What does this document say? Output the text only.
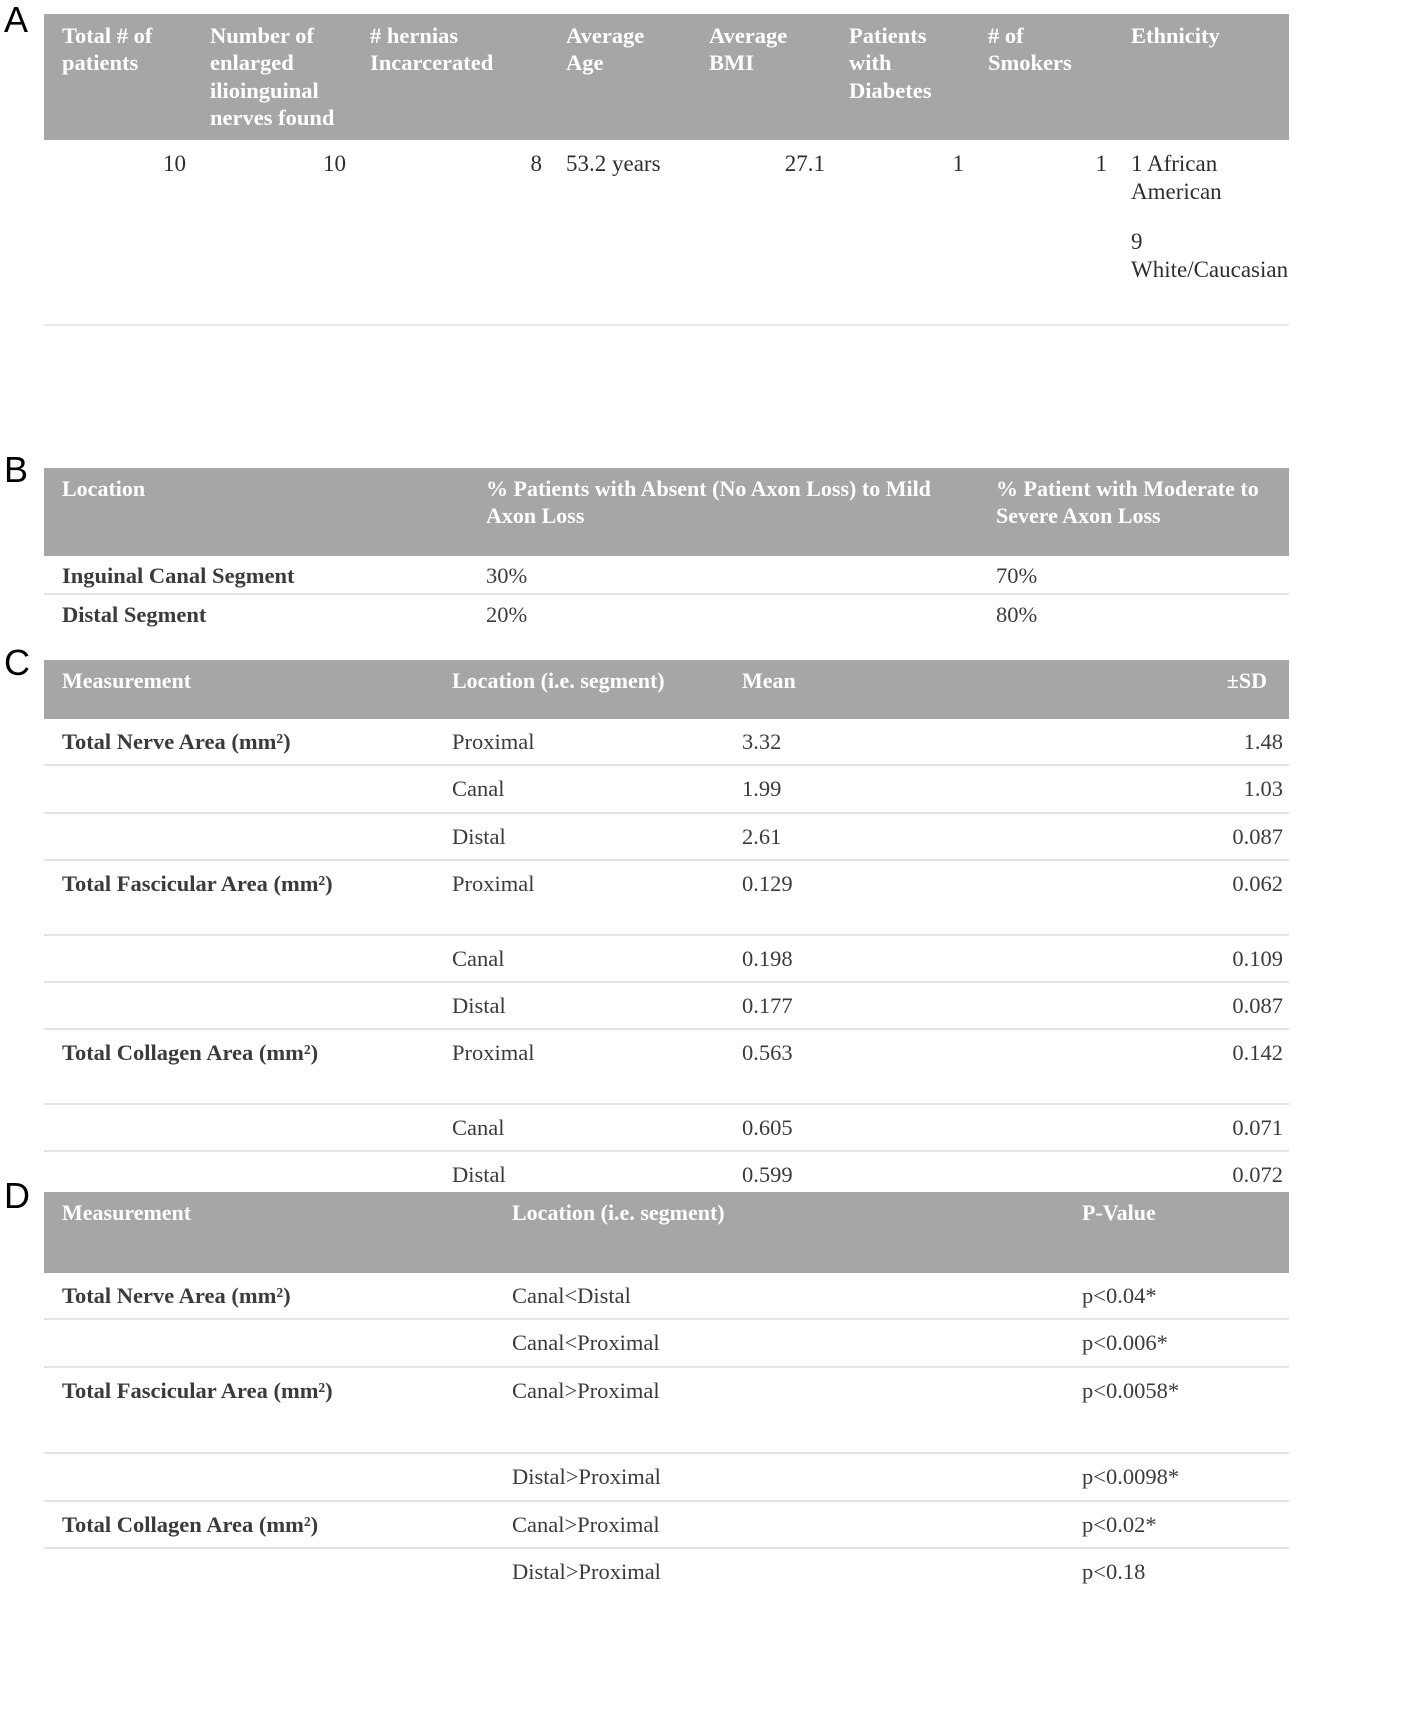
A Total # of patients	Number of enlarged ilioinguinal nerves found	# hernias Incarcerated	Average Age	Average BMI	Patients with Diabetes	# of Smokers	Ethnicity
10	10	8	53.2 years	27.1	1	1	1 African American
9 White/Caucasian
B Location	% Patients with Absent (No Axon Loss) to Mild Axon Loss	% Patient with Moderate to Severe Axon Loss
Inguinal Canal Segment	30%	70%
Distal Segment	20%	80%
C Measurement	Location (i.e. segment)	Mean	±SD
Total Nerve Area (mm²)	Proximal	3.32	1.48
	Canal	1.99	1.03
	Distal	2.61	0.087
Total Fascicular Area (mm²)	Proximal	0.129	0.062
	Canal	0.198	0.109
	Distal	0.177	0.087
Total Collagen Area (mm²)	Proximal	0.563	0.142
	Canal	0.605	0.071
	Distal	0.599	0.072
D Measurement	Location (i.e. segment)	P-Value
Total Nerve Area (mm²)	Canal<Distal	p<0.04*
	Canal<Proximal	p<0.006*
Total Fascicular Area (mm²)	Canal>Proximal	p<0.0058*
	Distal>Proximal	p<0.0098*
Total Collagen Area (mm²)	Canal>Proximal	p<0.02*
	Distal>Proximal	p<0.18
